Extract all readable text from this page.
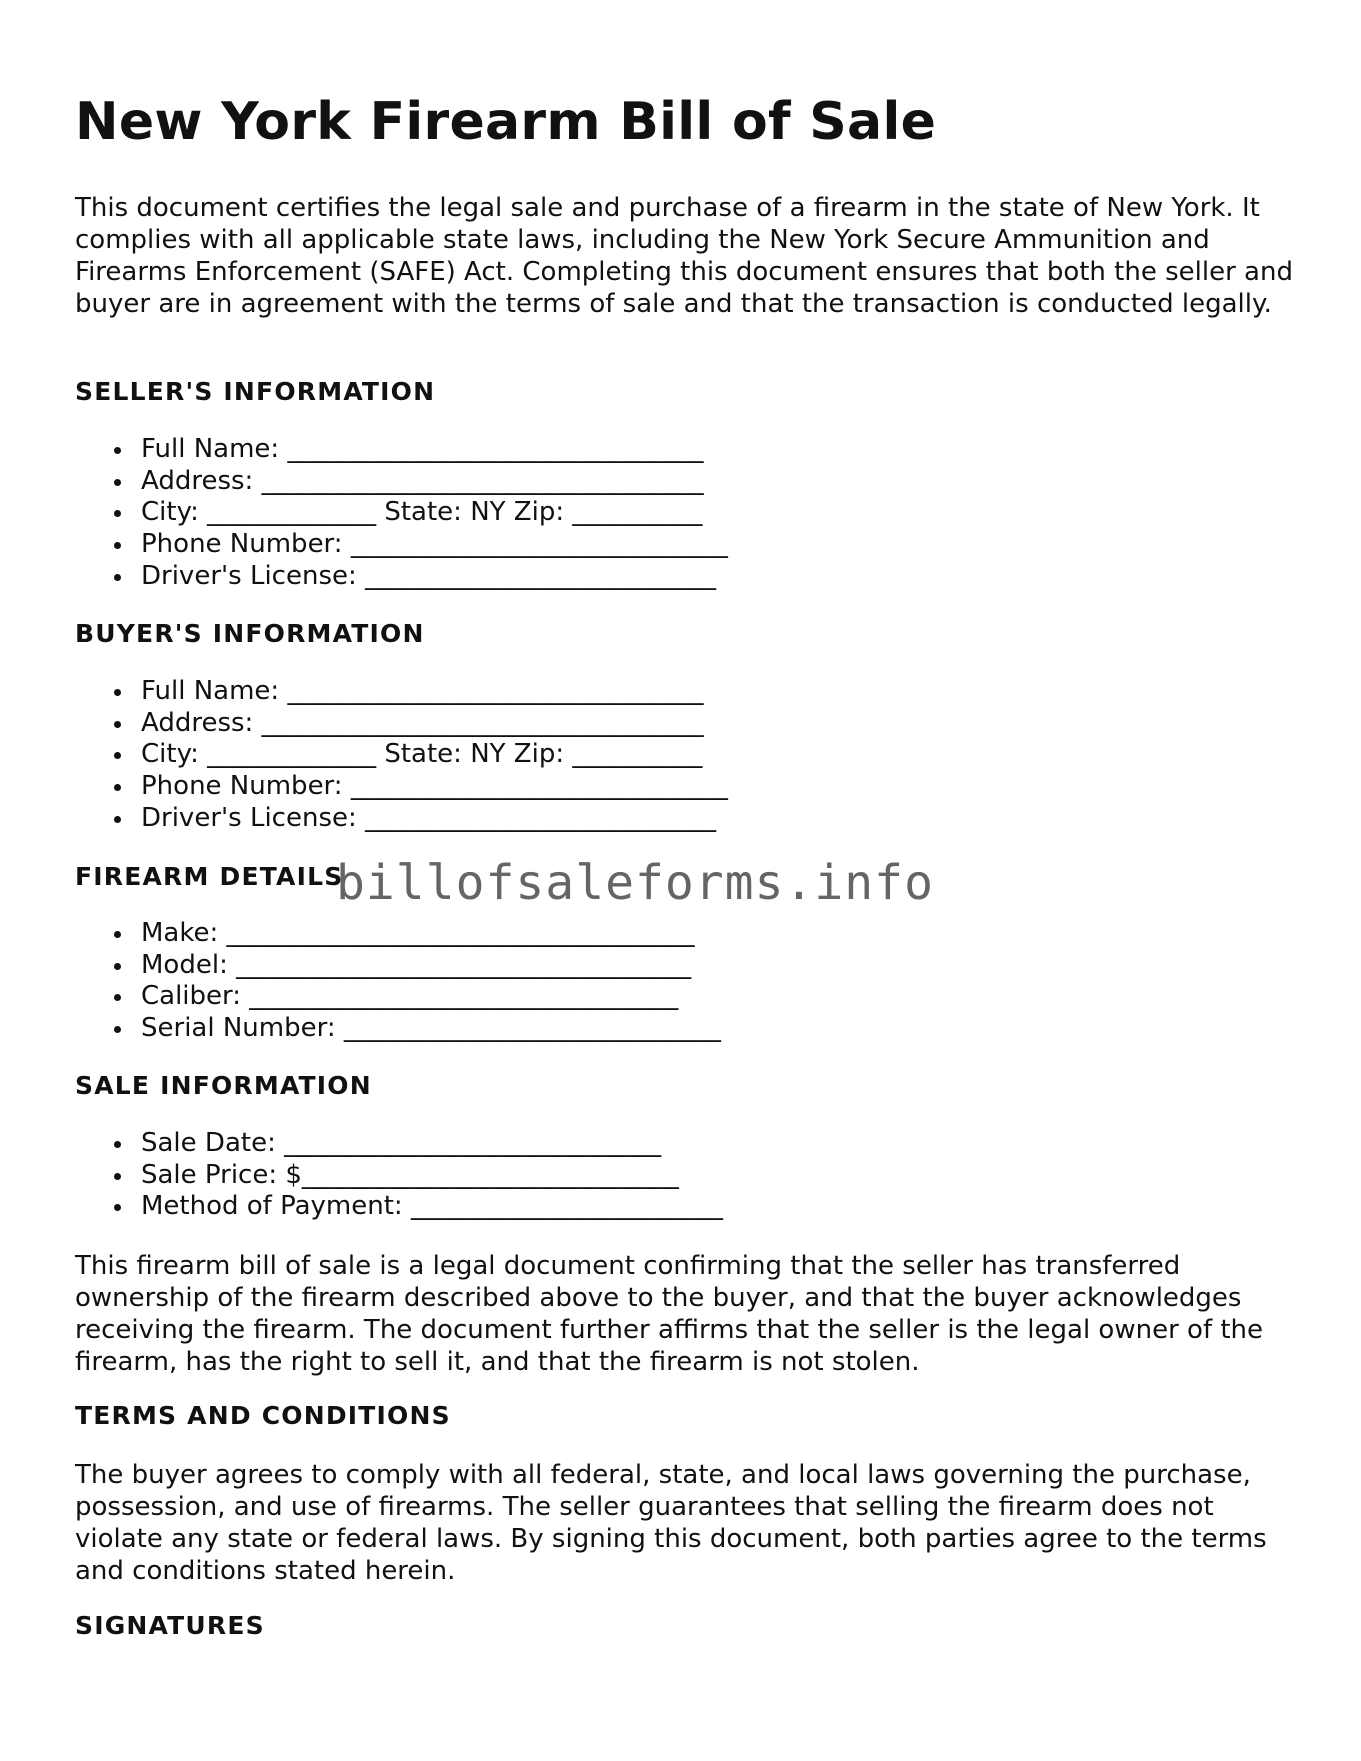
New York Firearm Bill of Sale

This document certifies the legal sale and purchase of a firearm in the state of New York. It complies with all applicable state laws, including the New York Secure Ammunition and Firearms Enforcement (SAFE) Act. Completing this document ensures that both the seller and buyer are in agreement with the terms of sale and that the transaction is conducted legally.

SELLER'S INFORMATION
Full Name: ________________________________
Address: __________________________________
City: _____________ State: NY Zip: __________
Phone Number: _____________________________
Driver's License: ___________________________
BUYER'S INFORMATION
Full Name: ________________________________
Address: __________________________________
City: _____________ State: NY Zip: __________
Phone Number: _____________________________
Driver's License: ___________________________
FIREARM DETAILS
Make: ____________________________________
Model: ___________________________________
Caliber: _________________________________
Serial Number: _____________________________
SALE INFORMATION
Sale Date: _____________________________
Sale Price: $_____________________________
Method of Payment: ________________________

This firearm bill of sale is a legal document confirming that the seller has transferred ownership of the firearm described above to the buyer, and that the buyer acknowledges receiving the firearm. The document further affirms that the seller is the legal owner of the firearm, has the right to sell it, and that the firearm is not stolen.

TERMS AND CONDITIONS

The buyer agrees to comply with all federal, state, and local laws governing the purchase, possession, and use of firearms. The seller guarantees that selling the firearm does not violate any state or federal laws. By signing this document, both parties agree to the terms and conditions stated herein.

SIGNATURES
billofsaleforms.info
